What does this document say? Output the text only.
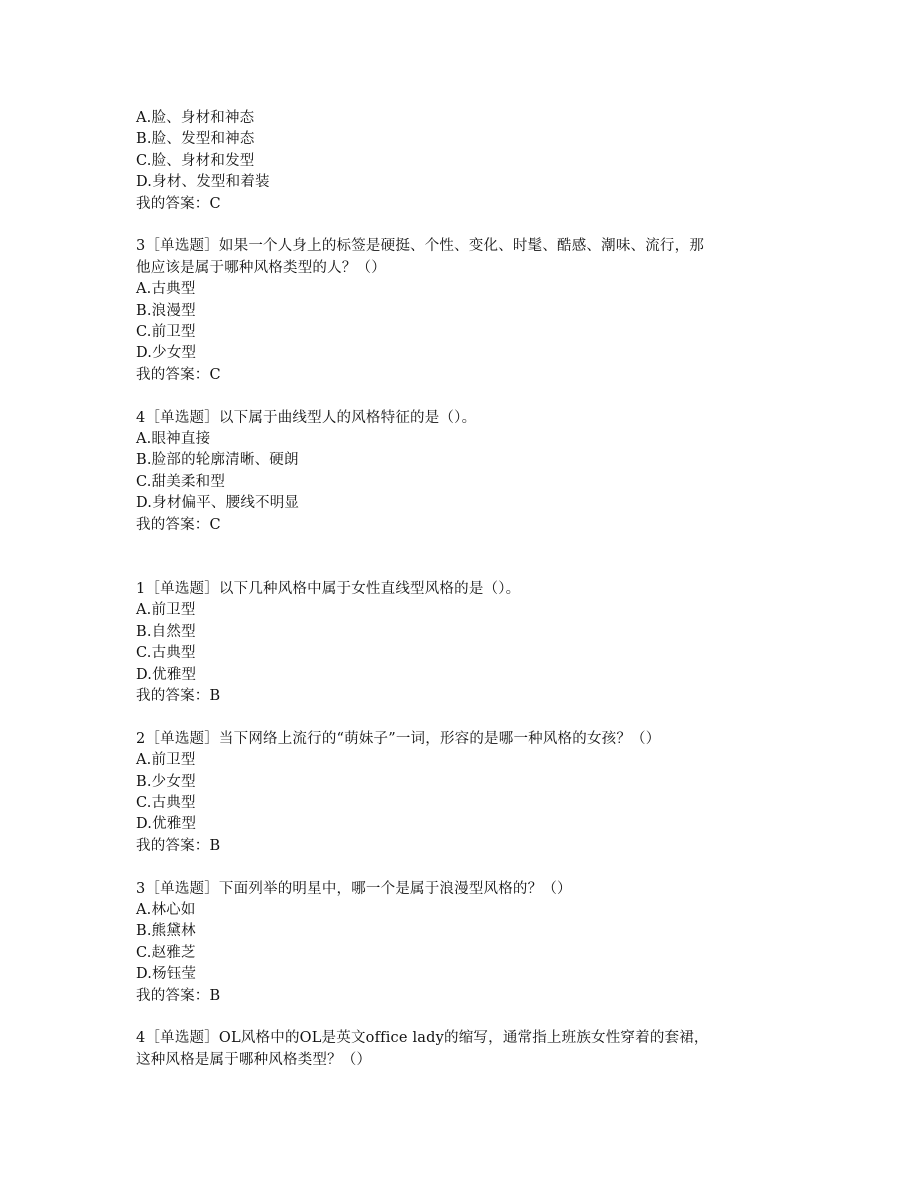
A.脸、身材和神态
B.脸、发型和神态
C.脸、身材和发型
D.身材、发型和着装
我的答案：C
3［单选题］如果一个人身上的标签是硬挺、个性、变化、时髦、酷感、潮味、流行，那
他应该是属于哪种风格类型的人？（）
A.古典型
B.浪漫型
C.前卫型
D.少女型
我的答案：C
4［单选题］以下属于曲线型人的风格特征的是（）。
A.眼神直接
B.脸部的轮廓清晰、硬朗
C.甜美柔和型
D.身材偏平、腰线不明显
我的答案：C
1［单选题］以下几种风格中属于女性直线型风格的是（）。
A.前卫型
B.自然型
C.古典型
D.优雅型
我的答案：B
2［单选题］当下网络上流行的“萌妹子”一词，形容的是哪一种风格的女孩？（）
A.前卫型
B.少女型
C.古典型
D.优雅型
我的答案：B
3［单选题］下面列举的明星中，哪一个是属于浪漫型风格的？（）
A.林心如
B.熊黛林
C.赵雅芝
D.杨钰莹
我的答案：B
4［单选题］OL风格中的OL是英文office lady的缩写，通常指上班族女性穿着的套裙，
这种风格是属于哪种风格类型？（）
